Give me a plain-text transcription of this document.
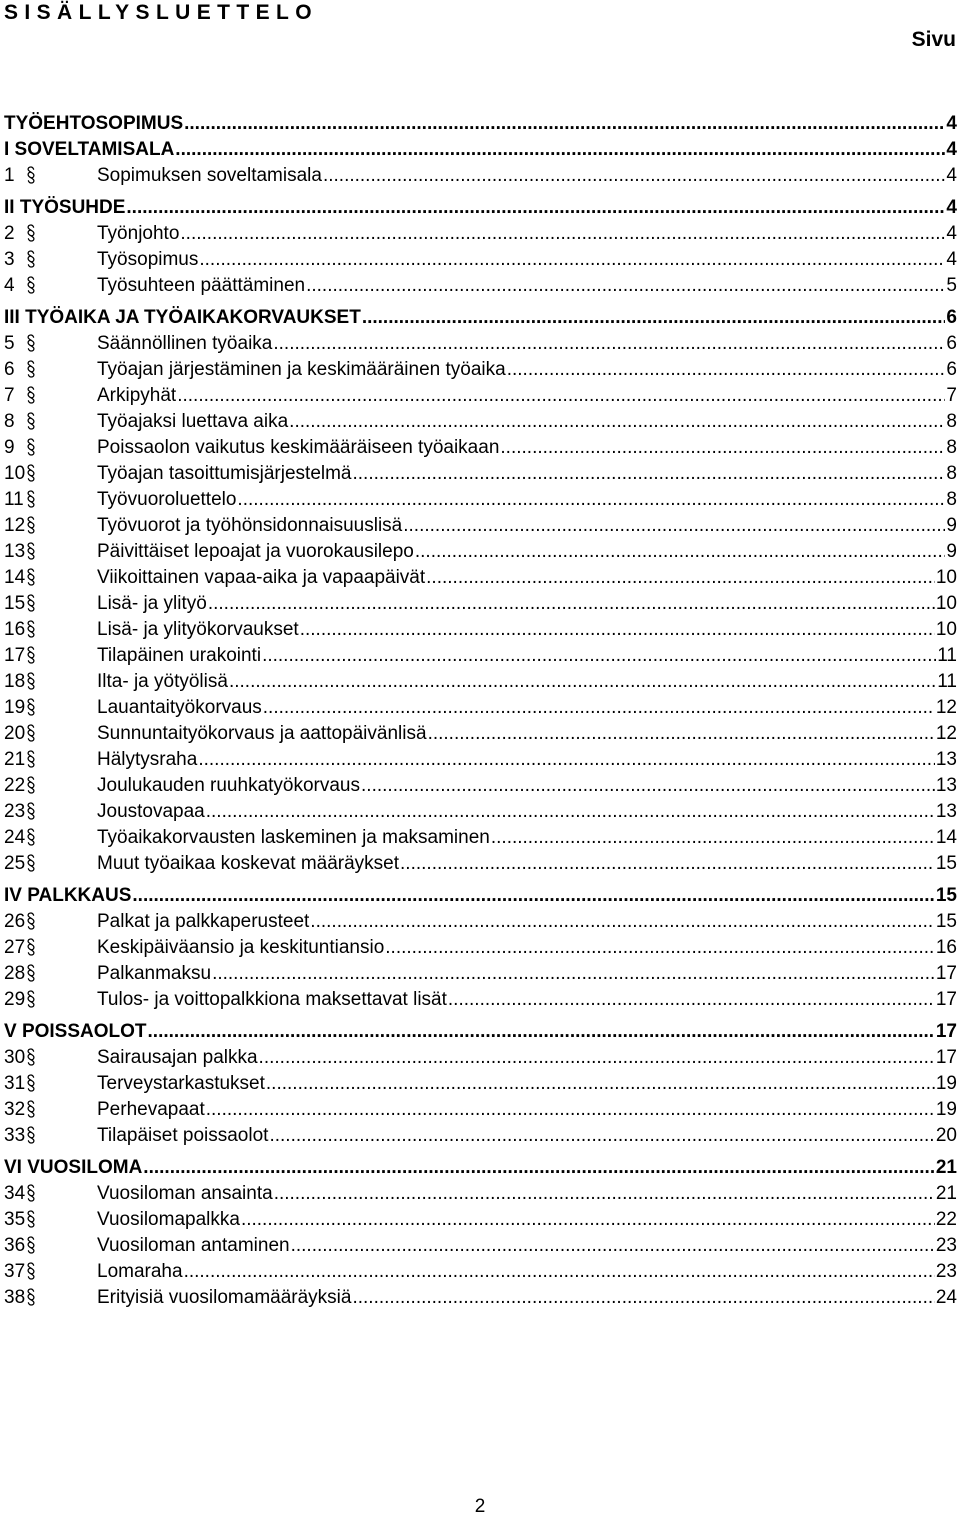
SISÄLLYSLUETTELO
Sivu
TYÖEHTOSOPIMUS .....	4
I SOVELTAMISALA .....	4
1	Sopimuksen soveltamisala .....	4
II TYÖSUHDE .....	4
2	Työnjohto .....	4
3	Työsopimus .....	4
4	Työsuhteen päättäminen .....	5
III TYÖAIKA JA TYÖAIKAKORVAUKSET .....	6
5	Säännöllinen työaika .....	6
6	Työajan järjestäminen ja keskimääräinen työaika .....	6
7	Arkipyhät .....	7
8	Työajaksi luettava aika .....	8
9	Poissaolon vaikutus keskimääräiseen työaikaan .....	8
10	Työajan tasoittumisjärjestelmä .....	8
11	Työvuoroluettelo .....	8
12	Työvuorot ja työhönsidonnaisuuslisä .....	9
13	Päivittäiset lepoajat ja vuorokausilepo .....	9
14	Viikoittainen vapaa-aika ja vapaapäivät .....	10
15	Lisä- ja ylityö .....	10
16	Lisä- ja ylityökorvaukset .....	10
17	Tilapäinen urakointi .....	11
18	Ilta- ja yötyölisä .....	11
19	Lauantaityökorvaus .....	12
20	Sunnuntaityökorvaus ja aattopäivänlisä .....	12
21	Hälytysraha .....	13
22	Joulukauden ruuhkatyökorvaus .....	13
23	Joustovapaa .....	13
24	Työaikakorvausten laskeminen ja maksaminen .....	14
25	Muut työaikaa koskevat määräykset .....	15
IV PALKKAUS .....	15
26	Palkat ja palkkaperusteet .....	15
27	Keskipäiväansio ja keskituntiansio .....	16
28	Palkanmaksu .....	17
29	Tulos- ja voittopalkkiona maksettavat lisät .....	17
V POISSAOLOT .....	17
30	Sairausajan palkka .....	17
31	Terveystarkastukset .....	19
32	Perhevapaat .....	19
33	Tilapäiset poissaolot .....	20
VI VUOSILOMA .....	21
34	Vuosiloman ansainta .....	21
35	Vuosilomapalkka .....	22
36	Vuosiloman antaminen .....	23
37	Lomaraha .....	23
38	Erityisiä vuosilomamääräyksiä .....	24
2
